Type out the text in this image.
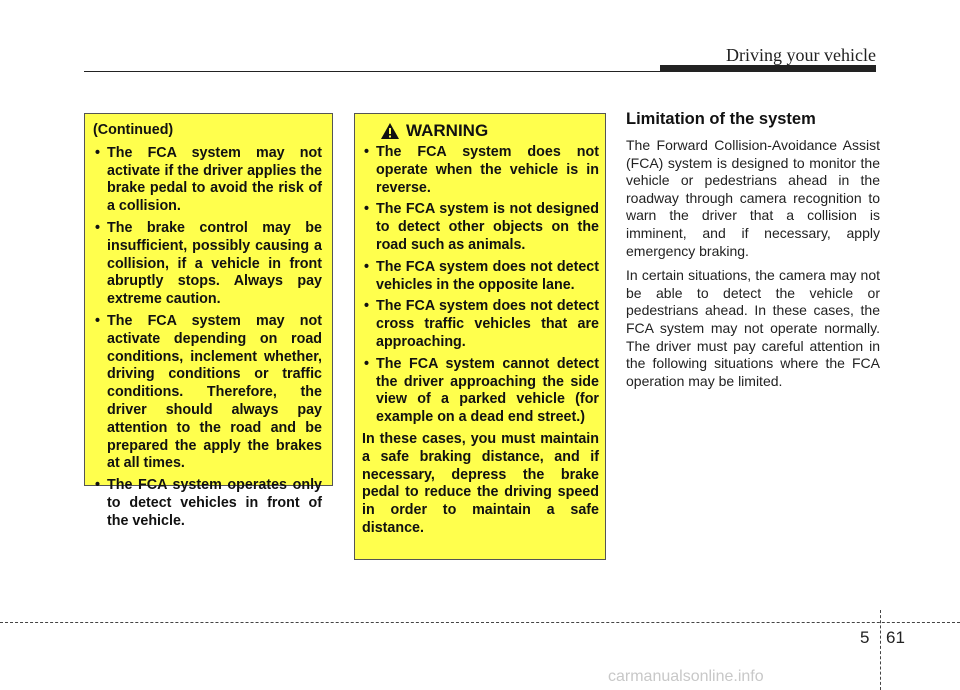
Driving your vehicle
(Continued)
• The FCA system may not activate if the driver applies the brake pedal to avoid the risk of a collision.
• The brake control may be insufficient, possibly causing a collision, if a vehicle in front abruptly stops. Always pay extreme caution.
• The FCA system may not activate depending on road conditions, inclement whether, driving conditions or traffic conditions. Therefore, the driver should always pay attention to the road and be prepared the apply the brakes at all times.
• The FCA system operates only to detect vehicles in front of the vehicle.
WARNING
• The FCA system does not operate when the vehicle is in reverse.
• The FCA system is not designed to detect other objects on the road such as animals.
• The FCA system does not detect vehicles in the opposite lane.
• The FCA system does not detect cross traffic vehicles that are approaching.
• The FCA system cannot detect the driver approaching the side view of a parked vehicle (for example on a dead end street.)
In these cases, you must maintain a safe braking distance, and if necessary, depress the brake pedal to reduce the driving speed in order to maintain a safe distance.
Limitation of the system

The Forward Collision-Avoidance Assist (FCA) system is designed to monitor the vehicle or pedestrians ahead in the roadway through camera recognition to warn the driver that a collision is imminent, and if necessary, apply emergency braking.

In certain situations, the camera may not be able to detect the vehicle or pedestrians ahead. In these cases, the FCA system may not operate normally. The driver must pay careful attention in the following situations where the FCA operation may be limited.

5 61
carmanualsonline.info
